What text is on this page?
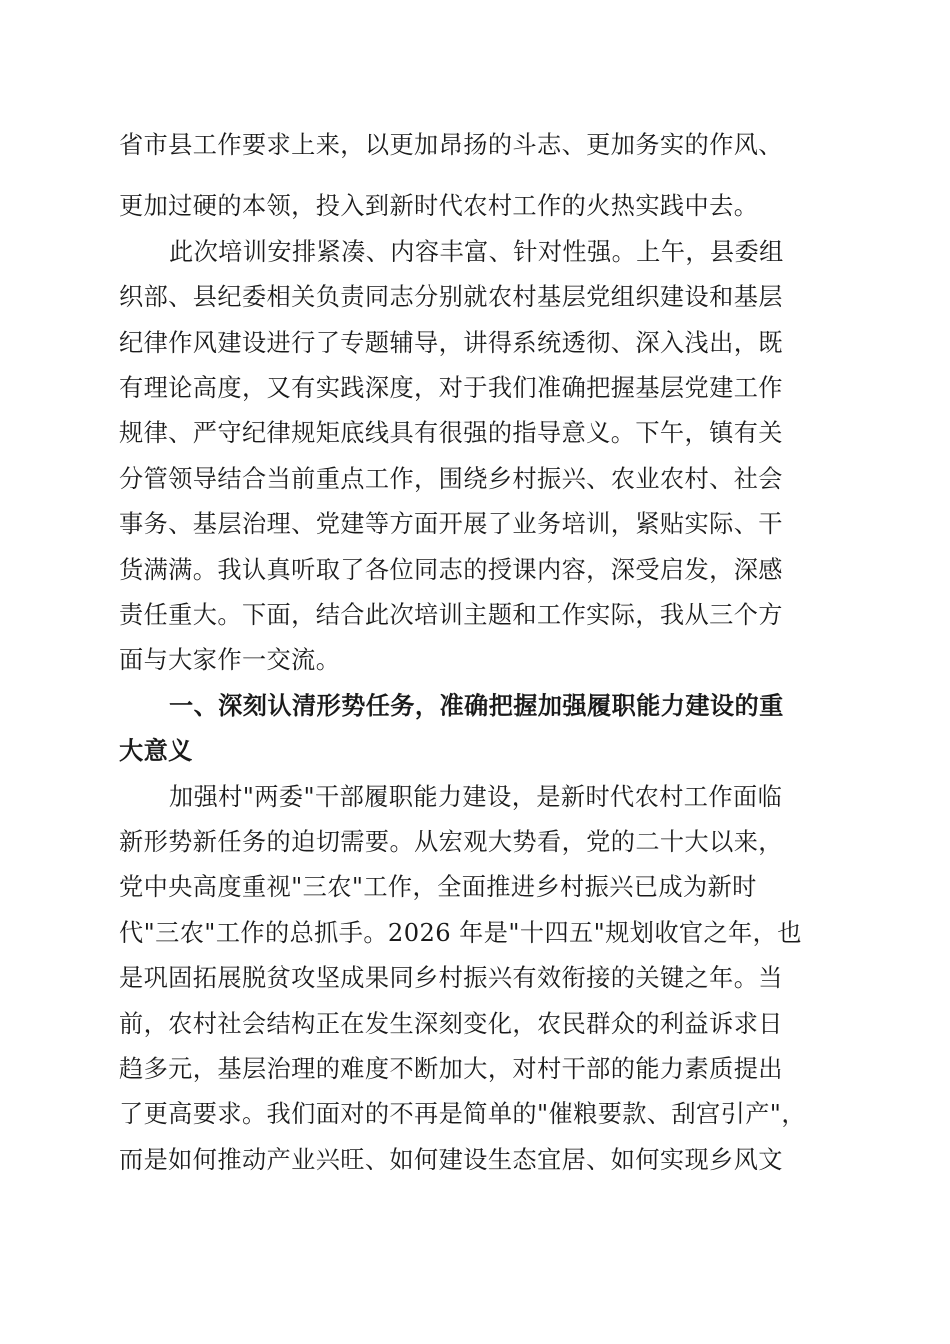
省市县工作要求上来，以更加昂扬的斗志、更加务实的作风、
更加过硬的本领，投入到新时代农村工作的火热实践中去。
此次培训安排紧凑、内容丰富、针对性强。上午，县委组
织部、县纪委相关负责同志分别就农村基层党组织建设和基层
纪律作风建设进行了专题辅导，讲得系统透彻、深入浅出，既
有理论高度，又有实践深度，对于我们准确把握基层党建工作
规律、严守纪律规矩底线具有很强的指导意义。下午，镇有关
分管领导结合当前重点工作，围绕乡村振兴、农业农村、社会
事务、基层治理、党建等方面开展了业务培训，紧贴实际、干
货满满。我认真听取了各位同志的授课内容，深受启发，深感
责任重大。下面，结合此次培训主题和工作实际，我从三个方
面与大家作一交流。
一、深刻认清形势任务，准确把握加强履职能力建设的重
大意义
加强村"两委"干部履职能力建设，是新时代农村工作面临
新形势新任务的迫切需要。从宏观大势看，党的二十大以来，
党中央高度重视"三农"工作，全面推进乡村振兴已成为新时
代"三农"工作的总抓手。2026 年是"十四五"规划收官之年，也
是巩固拓展脱贫攻坚成果同乡村振兴有效衔接的关键之年。当
前，农村社会结构正在发生深刻变化，农民群众的利益诉求日
趋多元，基层治理的难度不断加大，对村干部的能力素质提出
了更高要求。我们面对的不再是简单的"催粮要款、刮宫引产"，
而是如何推动产业兴旺、如何建设生态宜居、如何实现乡风文
